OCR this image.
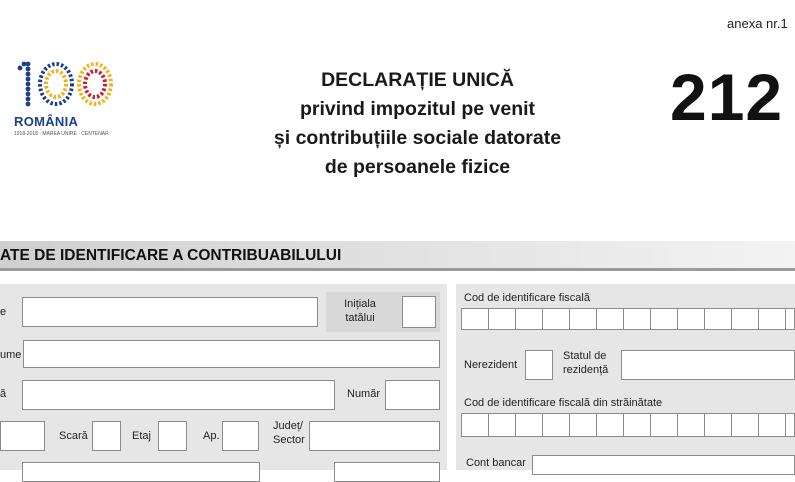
anexa nr.1
ROMÂNIA
1918-2018 · MAREA UNIRE · CENTENAR
DECLARAȚIE UNICĂ
privind impozitul pe venit
și contribuțiile sociale datorate
de persoanele fizice
212
ATE DE IDENTIFICARE A CONTRIBUABILULUI
e
Inițiala
tatălui
ume
ă	Număr
Scară	Etaj	Ap.
Județ/
Sector
Cod de identificare fiscală
Nerezident
Statul de
rezidență
Cod de identificare fiscală din străinătate
Cont bancar
